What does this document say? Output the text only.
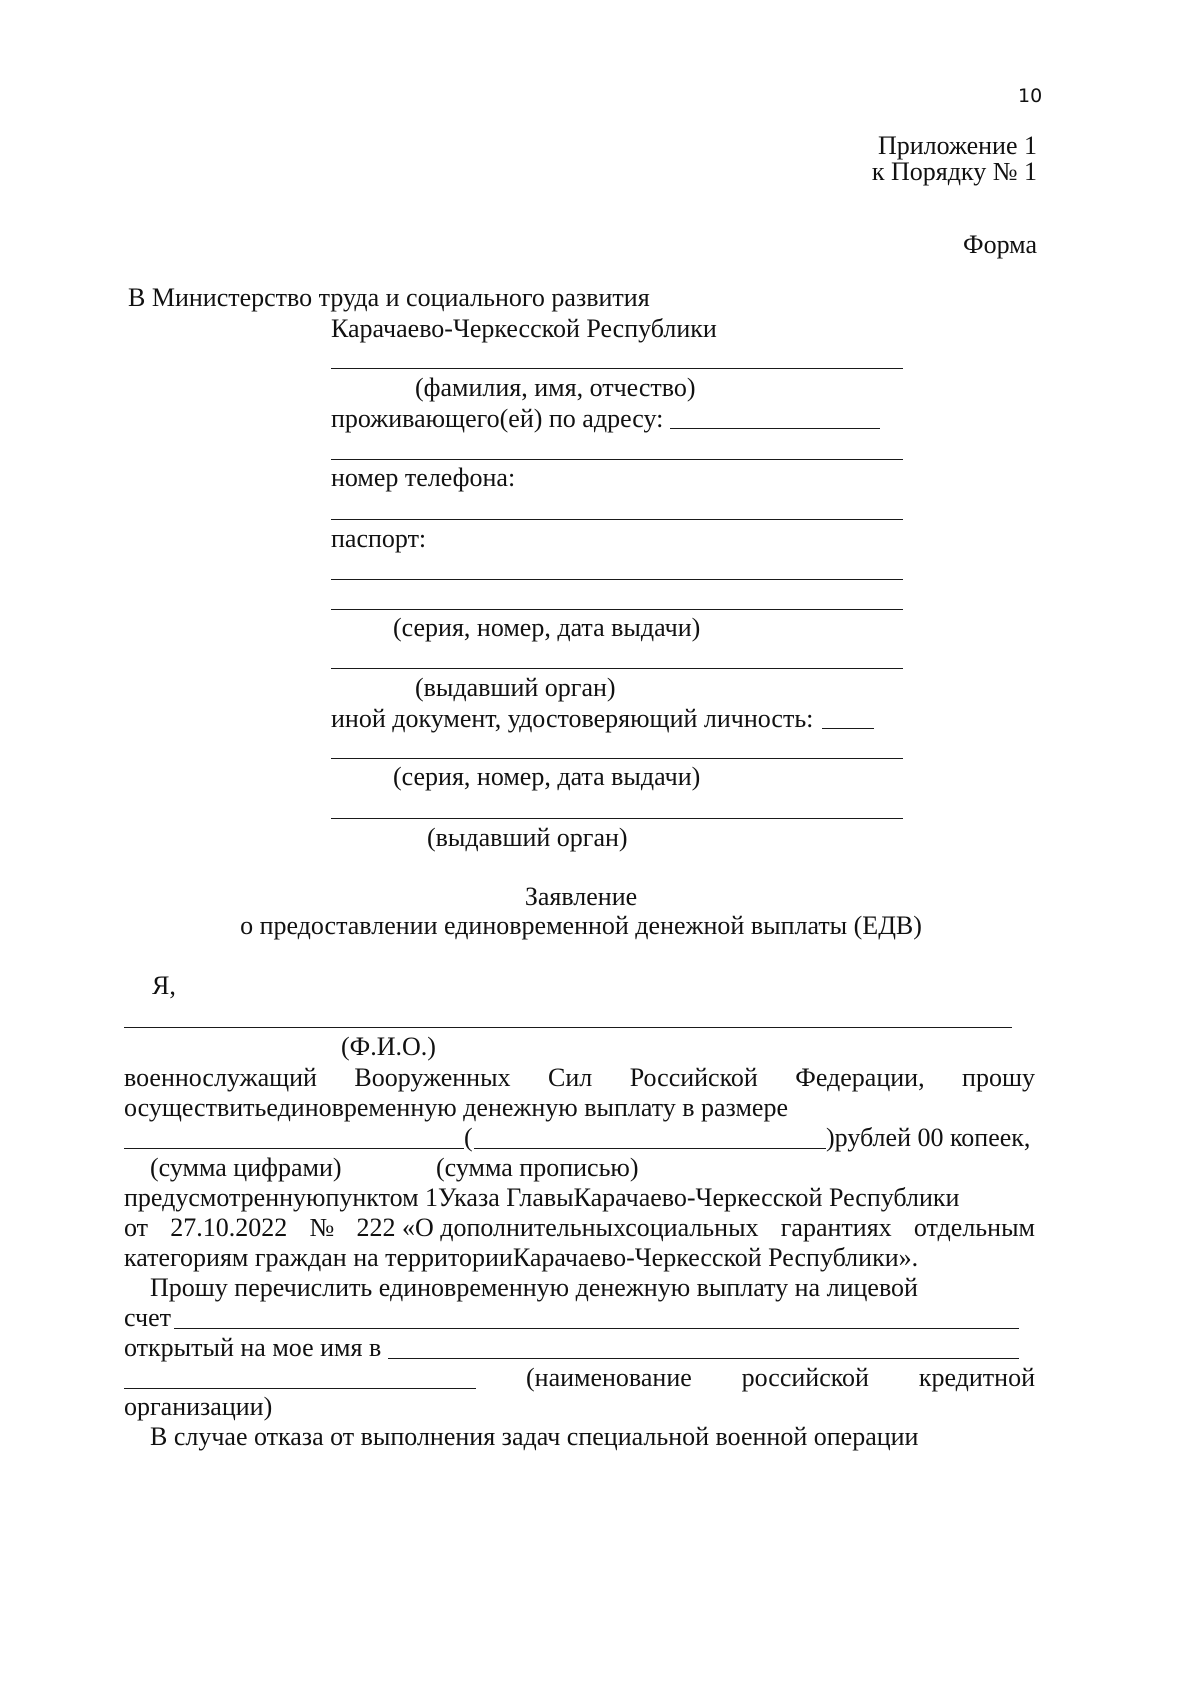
10
Приложение 1
к Порядку № 1
Форма
В Министерство труда и социального развития
Карачаево-Черкесской Республики
(фамилия, имя, отчество)
проживающего(ей) по адресу:
номер телефона:
паспорт:
(серия, номер, дата выдачи)
(выдавший орган)
иной документ, удостоверяющий личность:
(серия, номер, дата выдачи)
(выдавший орган)
Заявление
о предоставлении единовременной денежной выплаты (ЕДВ)
Я,
(Ф.И.О.)
военнослужащий Вооруженных Сил Российской Федерации, прошу
осуществитьединовременную денежную выплату в размере
(	)рублей 00 копеек,
(сумма цифрами)	(сумма прописью)
предусмотреннуюпунктом 1Указа ГлавыКарачаево-Черкесской Республики
от 27.10.2022 № 222 «О дополнительныхсоциальных гарантиях отдельным
категориям граждан на территорииКарачаево-Черкесской Республики».
Прошу перечислить единовременную денежную выплату на лицевой
счет
открытый на мое имя в
(наименование российской кредитной
организации)
В случае отказа от выполнения задач специальной военной операции
